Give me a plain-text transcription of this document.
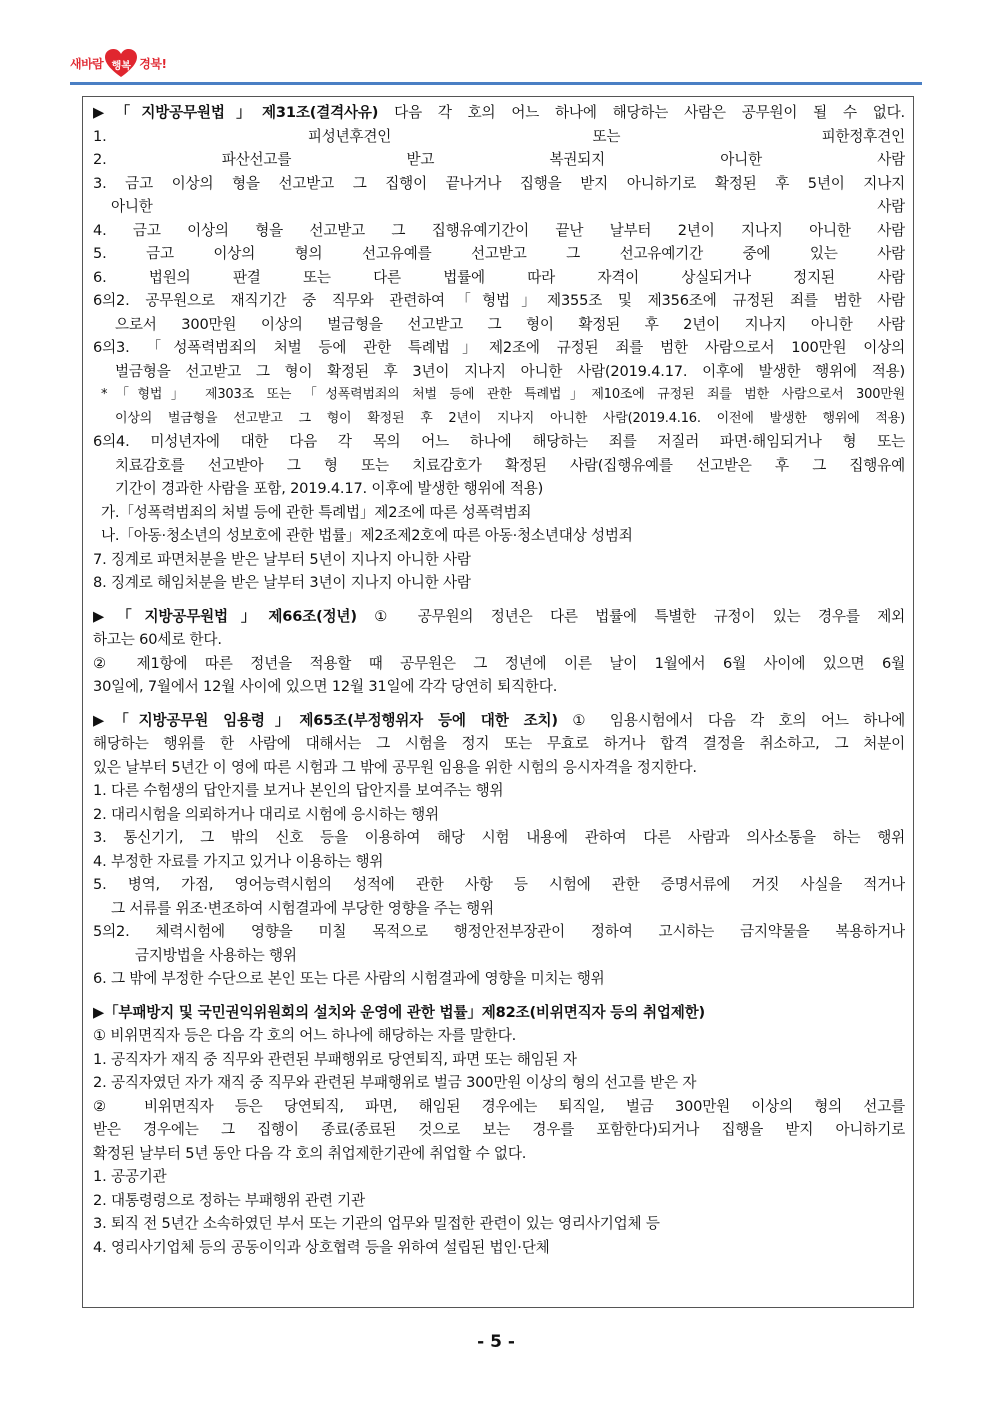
새바람 행복 경북!
▶「지방공무원법」제31조(결격사유) 다음 각 호의 어느 하나에 해당하는 사람은 공무원이 될 수 없다.
1. 피성년후견인 또는 피한정후견인
2. 파산선고를 받고 복권되지 아니한 사람
3. 금고 이상의 형을 선고받고 그 집행이 끝나거나 집행을 받지 아니하기로 확정된 후 5년이 지나지
아니한 사람
4. 금고 이상의 형을 선고받고 그 집행유예기간이 끝난 날부터 2년이 지나지 아니한 사람
5. 금고 이상의 형의 선고유예를 선고받고 그 선고유예기간 중에 있는 사람
6. 법원의 판결 또는 다른 법률에 따라 자격이 상실되거나 정지된 사람
6의2. 공무원으로 재직기간 중 직무와 관련하여「형법」제355조 및 제356조에 규정된 죄를 범한 사람
으로서 300만원 이상의 벌금형을 선고받고 그 형이 확정된 후 2년이 지나지 아니한 사람
6의3. 「성폭력범죄의 처벌 등에 관한 특례법」제2조에 규정된 죄를 범한 사람으로서 100만원 이상의
벌금형을 선고받고 그 형이 확정된 후 3년이 지나지 아니한 사람(2019.4.17. 이후에 발생한 행위에 적용)
*「형법」 제303조 또는 「성폭력범죄의 처벌 등에 관한 특례법」제10조에 규정된 죄를 범한 사람으로서 300만원
이상의 벌금형을 선고받고 그 형이 확정된 후 2년이 지나지 아니한 사람(2019.4.16. 이전에 발생한 행위에 적용)
6의4. 미성년자에 대한 다음 각 목의 어느 하나에 해당하는 죄를 저질러 파면·해임되거나 형 또는
치료감호를 선고받아 그 형 또는 치료감호가 확정된 사람(집행유예를 선고받은 후 그 집행유예
기간이 경과한 사람을 포함, 2019.4.17. 이후에 발생한 행위에 적용)
가.「성폭력범죄의 처벌 등에 관한 특례법」제2조에 따른 성폭력범죄
나.「아동·청소년의 성보호에 관한 법률」제2조제2호에 따른 아동·청소년대상 성범죄
7. 징계로 파면처분을 받은 날부터 5년이 지나지 아니한 사람
8. 징계로 해임처분을 받은 날부터 3년이 지나지 아니한 사람
▶「지방공무원법」제66조(정년) ① 공무원의 정년은 다른 법률에 특별한 규정이 있는 경우를 제외
하고는 60세로 한다.
② 제1항에 따른 정년을 적용할 때 공무원은 그 정년에 이른 날이 1월에서 6월 사이에 있으면 6월
30일에, 7월에서 12월 사이에 있으면 12월 31일에 각각 당연히 퇴직한다.
▶「지방공무원 임용령」제65조(부정행위자 등에 대한 조치) ① 임용시험에서 다음 각 호의 어느 하나에
해당하는 행위를 한 사람에 대해서는 그 시험을 정지 또는 무효로 하거나 합격 결정을 취소하고, 그 처분이
있은 날부터 5년간 이 영에 따른 시험과 그 밖에 공무원 임용을 위한 시험의 응시자격을 정지한다.
1. 다른 수험생의 답안지를 보거나 본인의 답안지를 보여주는 행위
2. 대리시험을 의뢰하거나 대리로 시험에 응시하는 행위
3. 통신기기, 그 밖의 신호 등을 이용하여 해당 시험 내용에 관하여 다른 사람과 의사소통을 하는 행위
4. 부정한 자료를 가지고 있거나 이용하는 행위
5. 병역, 가점, 영어능력시험의 성적에 관한 사항 등 시험에 관한 증명서류에 거짓 사실을 적거나
그 서류를 위조·변조하여 시험결과에 부당한 영향을 주는 행위
5의2. 체력시험에 영향을 미칠 목적으로 행정안전부장관이 정하여 고시하는 금지약물을 복용하거나
금지방법을 사용하는 행위
6. 그 밖에 부정한 수단으로 본인 또는 다른 사람의 시험결과에 영향을 미치는 행위
▶「부패방지 및 국민권익위원회의 설치와 운영에 관한 법률」제82조(비위면직자 등의 취업제한)
① 비위면직자 등은 다음 각 호의 어느 하나에 해당하는 자를 말한다.
1. 공직자가 재직 중 직무와 관련된 부패행위로 당연퇴직, 파면 또는 해임된 자
2. 공직자였던 자가 재직 중 직무와 관련된 부패행위로 벌금 300만원 이상의 형의 선고를 받은 자
② 비위면직자 등은 당연퇴직, 파면, 해임된 경우에는 퇴직일, 벌금 300만원 이상의 형의 선고를
받은 경우에는 그 집행이 종료(종료된 것으로 보는 경우를 포함한다)되거나 집행을 받지 아니하기로
확정된 날부터 5년 동안 다음 각 호의 취업제한기관에 취업할 수 없다.
1. 공공기관
2. 대통령령으로 정하는 부패행위 관련 기관
3. 퇴직 전 5년간 소속하였던 부서 또는 기관의 업무와 밀접한 관련이 있는 영리사기업체 등
4. 영리사기업체 등의 공동이익과 상호협력 등을 위하여 설립된 법인·단체
- 5 -
